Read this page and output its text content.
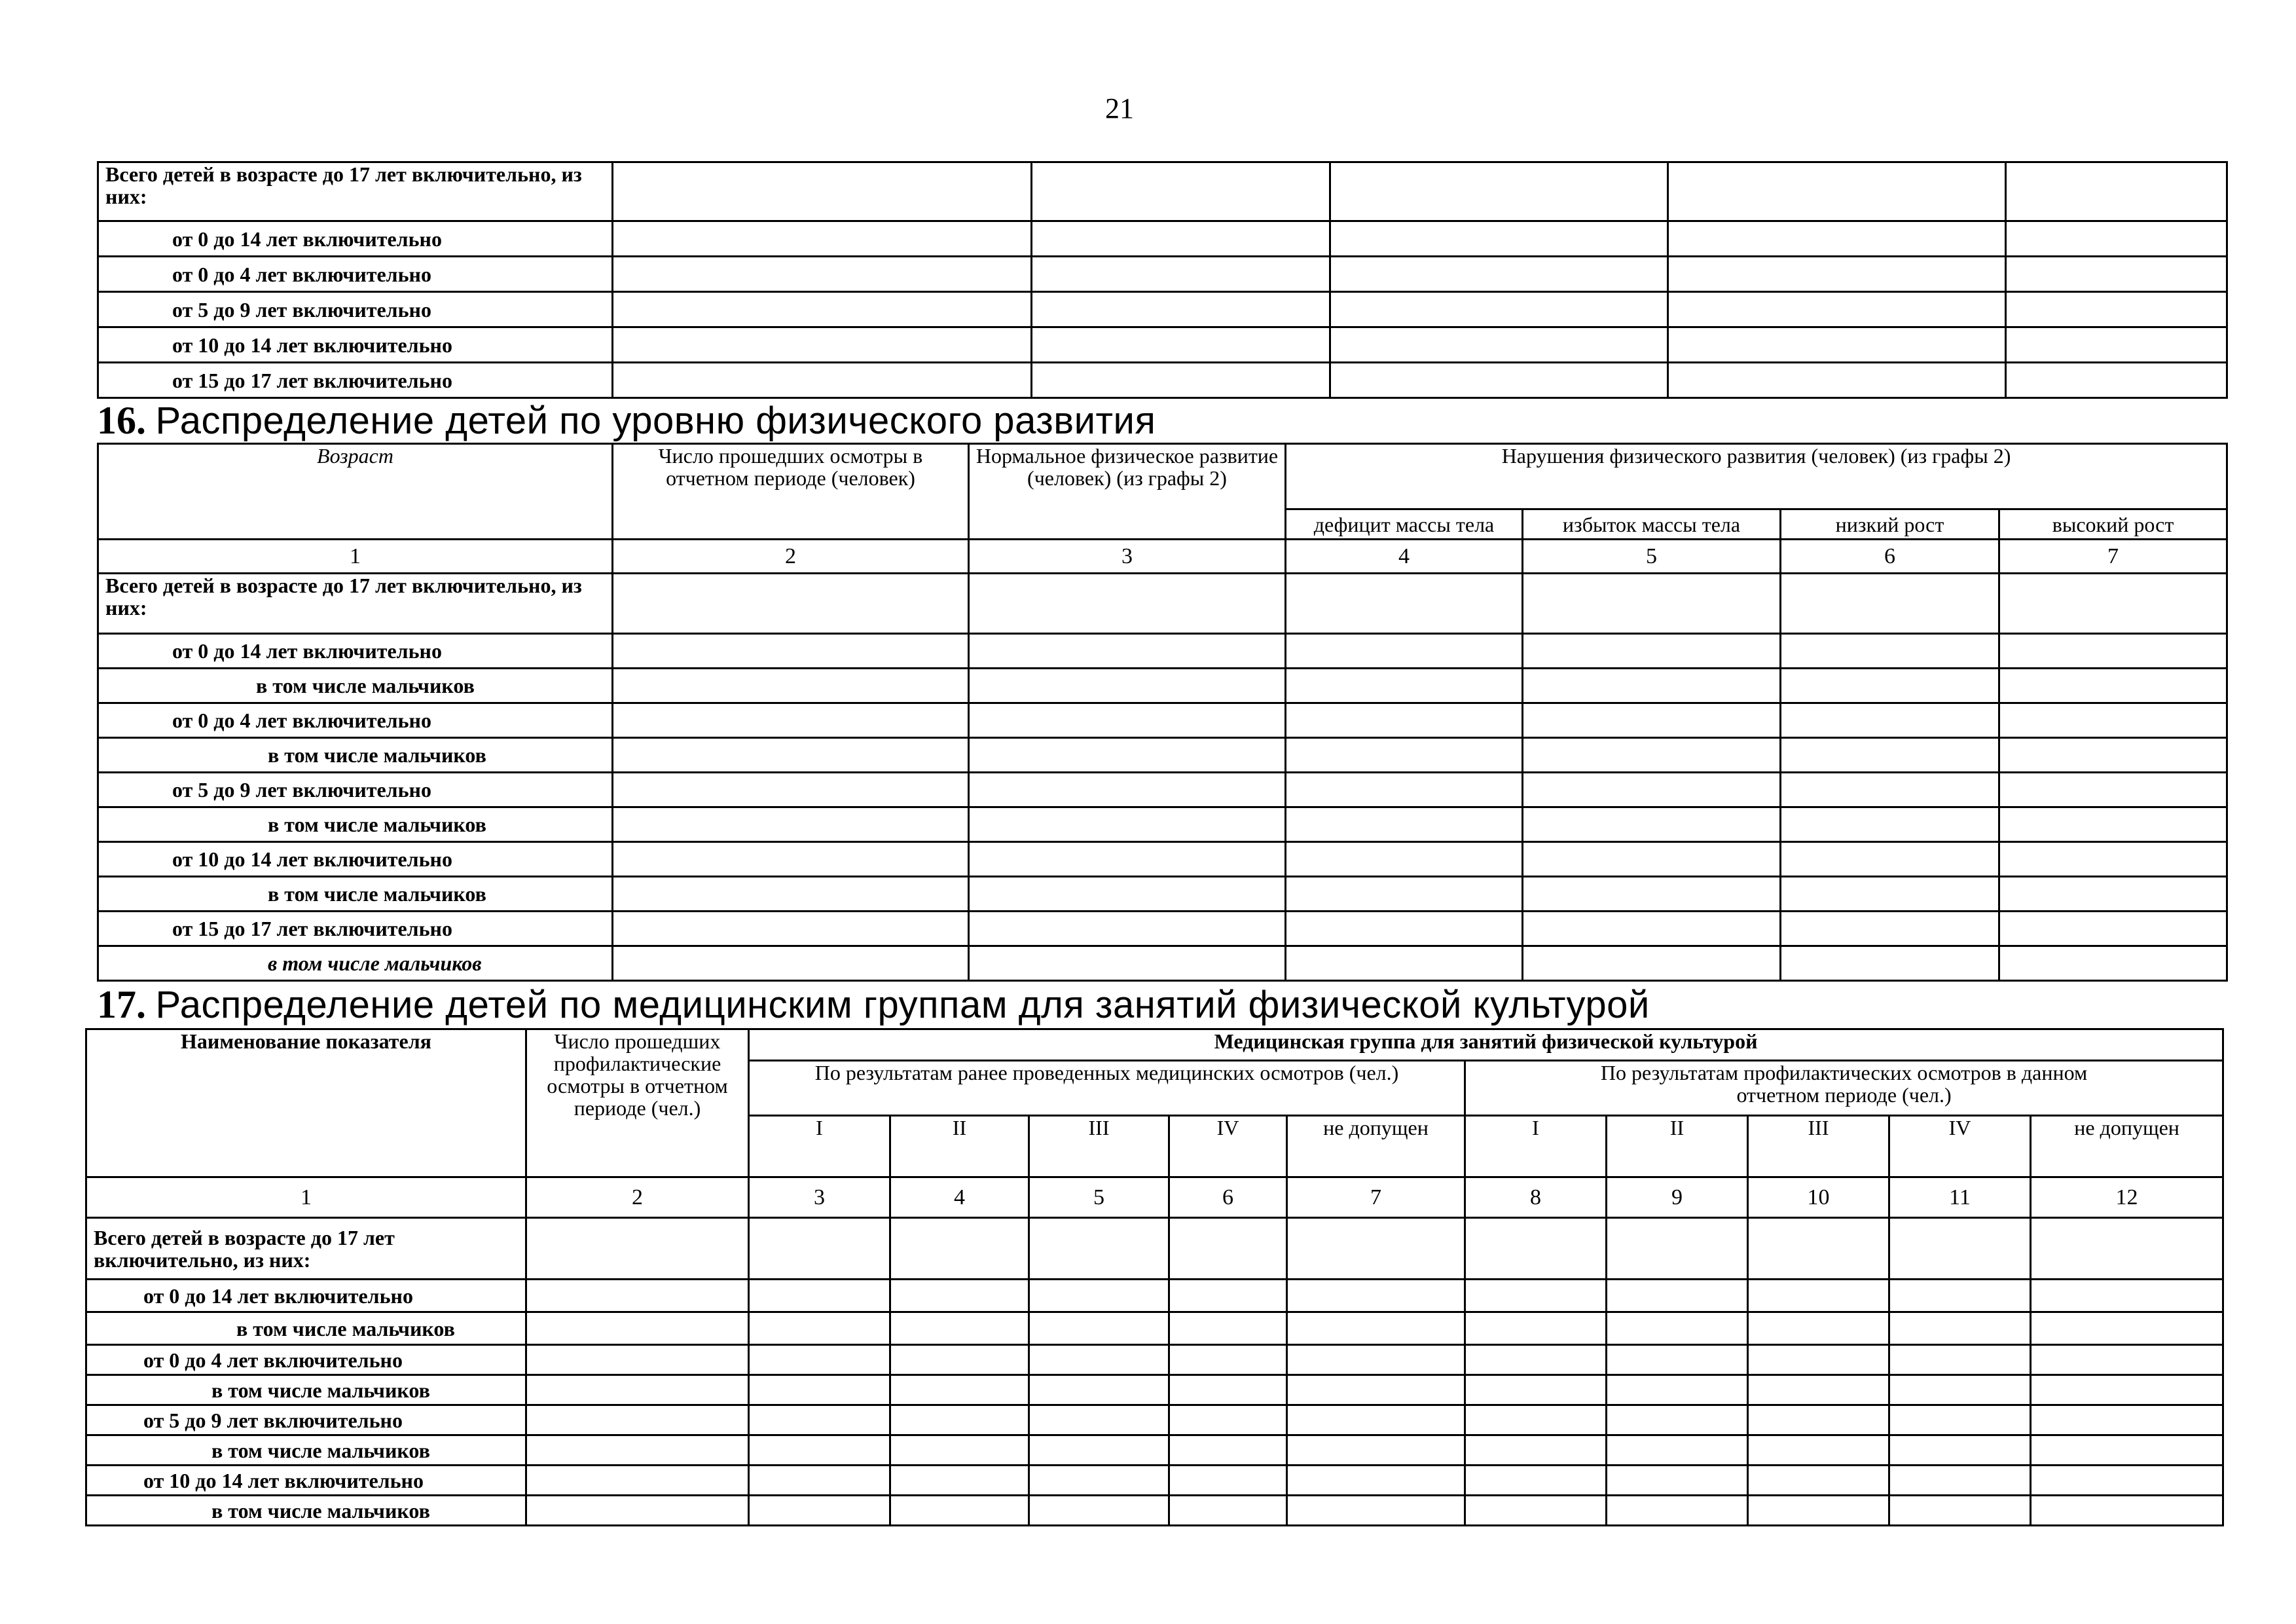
21
Всего детей в возрасте до 17 лет включительно, из них:					
от 0 до 14 лет включительно					
от 0 до 4 лет включительно					
от 5 до 9 лет включительно					
от 10 до 14 лет включительно					
от 15 до 17 лет включительно					
16. Распределение детей по уровню физического развития
Возраст	Число прошедших осмотры в отчетном периоде (человек)	Нормальное физическое развитие (человек) (из графы 2)	Нарушения физического развития (человек) (из графы 2)			
			дефицит массы тела	избыток массы тела	низкий рост	высокий рост
1	2	3	4	5	6	7
Всего детей в возрасте до 17 лет включительно, из них:						
от 0 до 14 лет включительно						
в том числе мальчиков						
от 0 до 4 лет включительно						
в том числе мальчиков						
от 5 до 9 лет включительно						
в том числе мальчиков						
от 10 до 14 лет включительно						
в том числе мальчиков						
от 15 до 17 лет включительно						
в том числе мальчиков						
17. Распределение детей по медицинским группам для занятий физической культурой
Наименование показателя	Число прошедших профилактические осмотры в отчетном периоде (чел.)	Медицинская группа для занятий физической культурой									
		По результатам ранее проведенных медицинских осмотров (чел.)					По результатам профилактических осмотров в данном отчетном периоде (чел.)				
		I	II	III	IV	не допущен	I	II	III	IV	не допущен
1	2	3	4	5	6	7	8	9	10	11	12
Всего детей в возрасте до 17 лет включительно, из них:											
от 0 до 14 лет включительно											
в том числе мальчиков											
от 0 до 4 лет включительно											
в том числе мальчиков											
от 5 до 9 лет включительно											
в том числе мальчиков											
от 10 до 14 лет включительно											
в том числе мальчиков											
